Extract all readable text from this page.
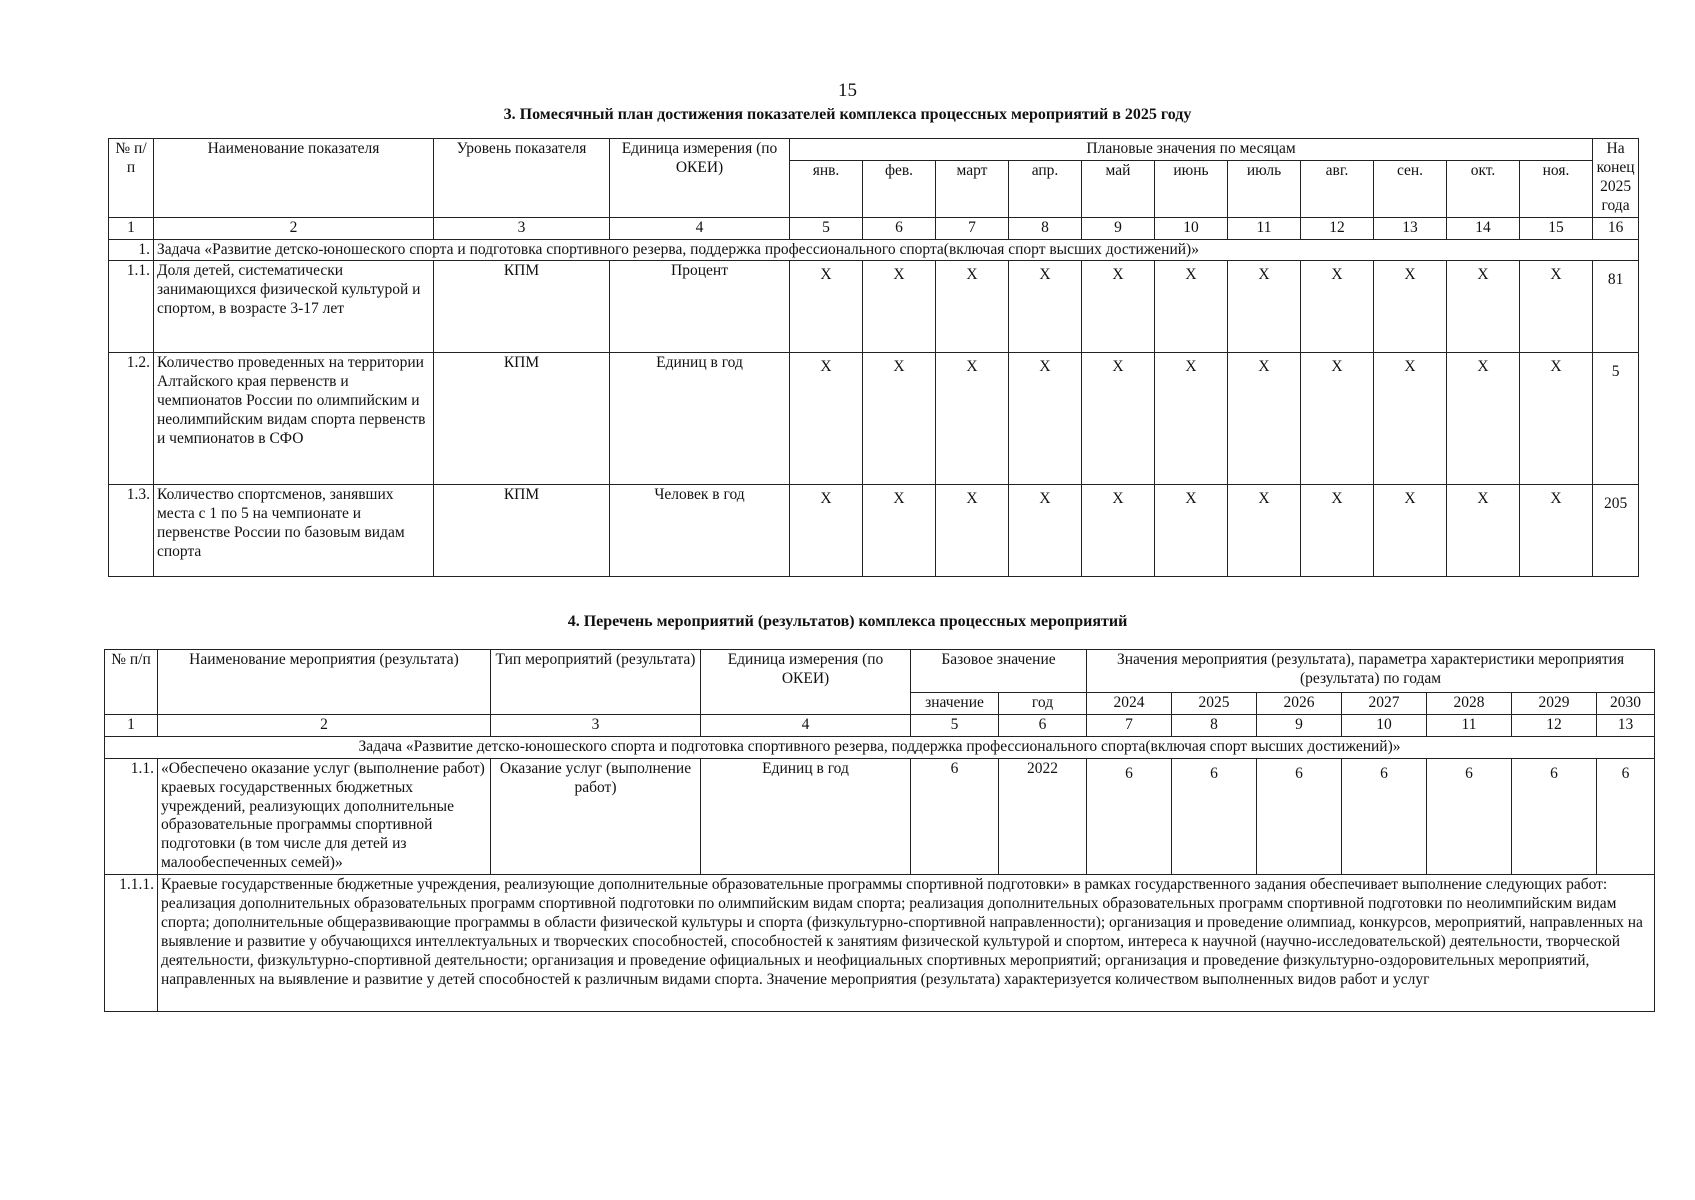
15
3. Помесячный план достижения показателей комплекса процессных мероприятий в 2025 году
№ п/п	Наименование показателя	Уровень показателя	Единица измерения (по ОКЕИ)	Плановые значения по месяцам											На конец 2025 года
				янв.	фев.	март	апр.	май	июнь	июль	авг.	сен.	окт.	ноя.	
1	2	3	4	5	6	7	8	9	10	11	12	13	14	15	16
1.	Задача «Развитие детско-юношеского спорта и подготовка спортивного резерва, поддержка профессионального спорта(включая спорт высших достижений)»														
1.1.	Доля детей, систематически занимающихся физической культурой и спортом, в возрасте 3-17 лет	КПМ	Процент	X	X	X	X	X	X	X	X	X	X	X	81
1.2.	Количество проведенных на территории Алтайского края первенств и чемпионатов России по олимпийским и неолимпийским видам спорта первенств и чемпионатов в СФО	КПМ	Единиц в год	X	X	X	X	X	X	X	X	X	X	X	5
1.3.	Количество спортсменов, занявших места с 1 по 5 на чемпионате и первенстве России по базовым видам спорта	КПМ	Человек в год	X	X	X	X	X	X	X	X	X	X	X	205
4. Перечень мероприятий (результатов) комплекса процессных мероприятий
№ п/п	Наименование мероприятия (результата)	Тип мероприятий (результата)	Единица измерения (по ОКЕИ)	Базовое значение		Значения мероприятия (результата), параметра характеристики мероприятия (результата) по годам						
				значение	год	2024	2025	2026	2027	2028	2029	2030
1	2	3	4	5	6	7	8	9	10	11	12	13
Задача «Развитие детско-юношеского спорта и подготовка спортивного резерва, поддержка профессионального спорта(включая спорт высших достижений)»												
1.1.	«Обеспечено оказание услуг (выполнение работ) краевых государственных бюджетных учреждений, реализующих дополнительные образовательные программы спортивной подготовки (в том числе для детей из малообеспеченных семей)»	Оказание услуг (выполнение работ)	Единиц в год	6	2022	6	6	6	6	6	6	6
1.1.1.	Краевые государственные бюджетные учреждения, реализующие дополнительные образовательные программы спортивной подготовки» в рамках государственного задания обеспечивает выполнение следующих работ: реализация дополнительных образовательных программ спортивной подготовки по олимпийским видам спорта; реализация дополнительных образовательных программ спортивной подготовки по неолимпийским видам спорта; дополнительные общеразвивающие программы в области физической культуры и спорта (физкультурно-спортивной направленности); организация и проведение олимпиад, конкурсов, мероприятий, направленных на выявление и развитие у обучающихся интеллектуальных и творческих способностей, способностей к занятиям физической культурой и спортом, интереса к научной (научно-исследовательской) деятельности, творческой деятельности, физкультурно-спортивной деятельности; организация и проведение официальных и неофициальных спортивных мероприятий; организация и проведение физкультурно-оздоровительных мероприятий, направленных на выявление и развитие у детей способностей к различным видами спорта. Значение мероприятия (результата) характеризуется количеством выполненных видов работ и услуг											
